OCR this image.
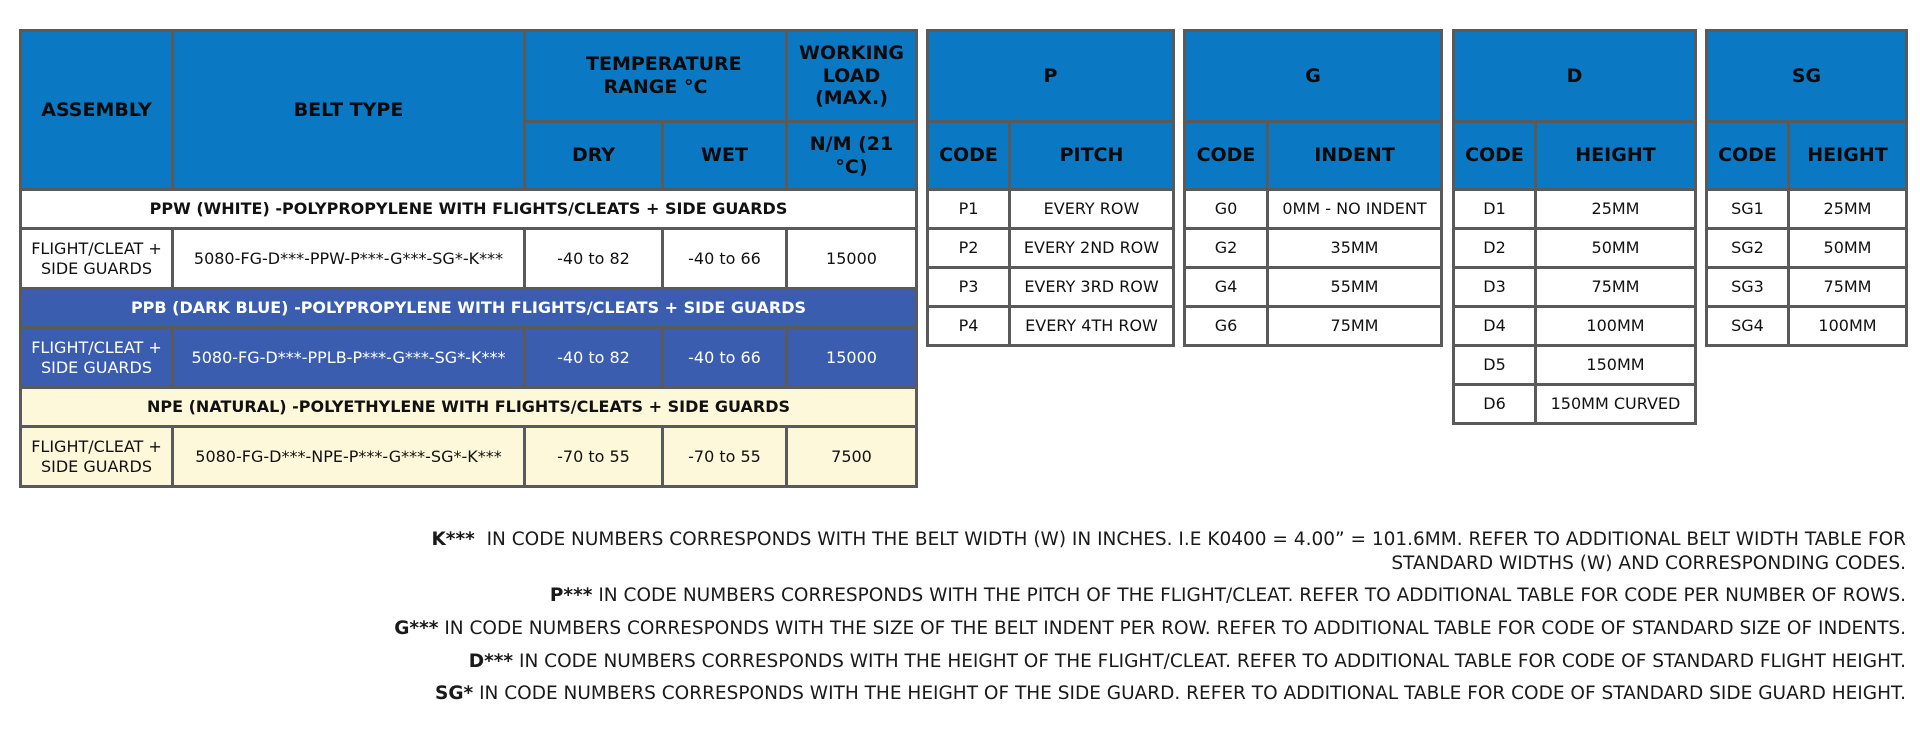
ASSEMBLY	BELT TYPE	TEMPERATURE RANGE °C		WORKING LOAD (MAX.)
		DRY	WET	N/M (21 °C)
PPW (WHITE) -POLYPROPYLENE WITH FLIGHTS/CLEATS + SIDE GUARDS				
FLIGHT/CLEAT + SIDE GUARDS	5080-FG-D***-PPW-P***-G***-SG*-K***	-40 to 82	-40 to 66	15000
PPB (DARK BLUE) -POLYPROPYLENE WITH FLIGHTS/CLEATS + SIDE GUARDS				
FLIGHT/CLEAT + SIDE GUARDS	5080-FG-D***-PPLB-P***-G***-SG*-K***	-40 to 82	-40 to 66	15000
NPE (NATURAL) -POLYETHYLENE WITH FLIGHTS/CLEATS + SIDE GUARDS				
FLIGHT/CLEAT + SIDE GUARDS	5080-FG-D***-NPE-P***-G***-SG*-K***	-70 to 55	-70 to 55	7500
P	
CODE	PITCH
P1	EVERY ROW
P2	EVERY 2ND ROW
P3	EVERY 3RD ROW
P4	EVERY 4TH ROW
G	
CODE	INDENT
G0	0MM - NO INDENT
G2	35MM
G4	55MM
G6	75MM
D	
CODE	HEIGHT
D1	25MM
D2	50MM
D3	75MM
D4	100MM
D5	150MM
D6	150MM CURVED
SG	
CODE	HEIGHT
SG1	25MM
SG2	50MM
SG3	75MM
SG4	100MM

K***  IN CODE NUMBERS CORRESPONDS WITH THE BELT WIDTH (W) IN INCHES. I.E K0400 = 4.00” = 101.6MM. REFER TO ADDITIONAL BELT WIDTH TABLE FOR
STANDARD WIDTHS (W) AND CORRESPONDING CODES.

P*** IN CODE NUMBERS CORRESPONDS WITH THE PITCH OF THE FLIGHT/CLEAT. REFER TO ADDITIONAL TABLE FOR CODE PER NUMBER OF ROWS.

G*** IN CODE NUMBERS CORRESPONDS WITH THE SIZE OF THE BELT INDENT PER ROW. REFER TO ADDITIONAL TABLE FOR CODE OF STANDARD SIZE OF INDENTS.

D*** IN CODE NUMBERS CORRESPONDS WITH THE HEIGHT OF THE FLIGHT/CLEAT. REFER TO ADDITIONAL TABLE FOR CODE OF STANDARD FLIGHT HEIGHT.

SG* IN CODE NUMBERS CORRESPONDS WITH THE HEIGHT OF THE SIDE GUARD. REFER TO ADDITIONAL TABLE FOR CODE OF STANDARD SIDE GUARD HEIGHT.
